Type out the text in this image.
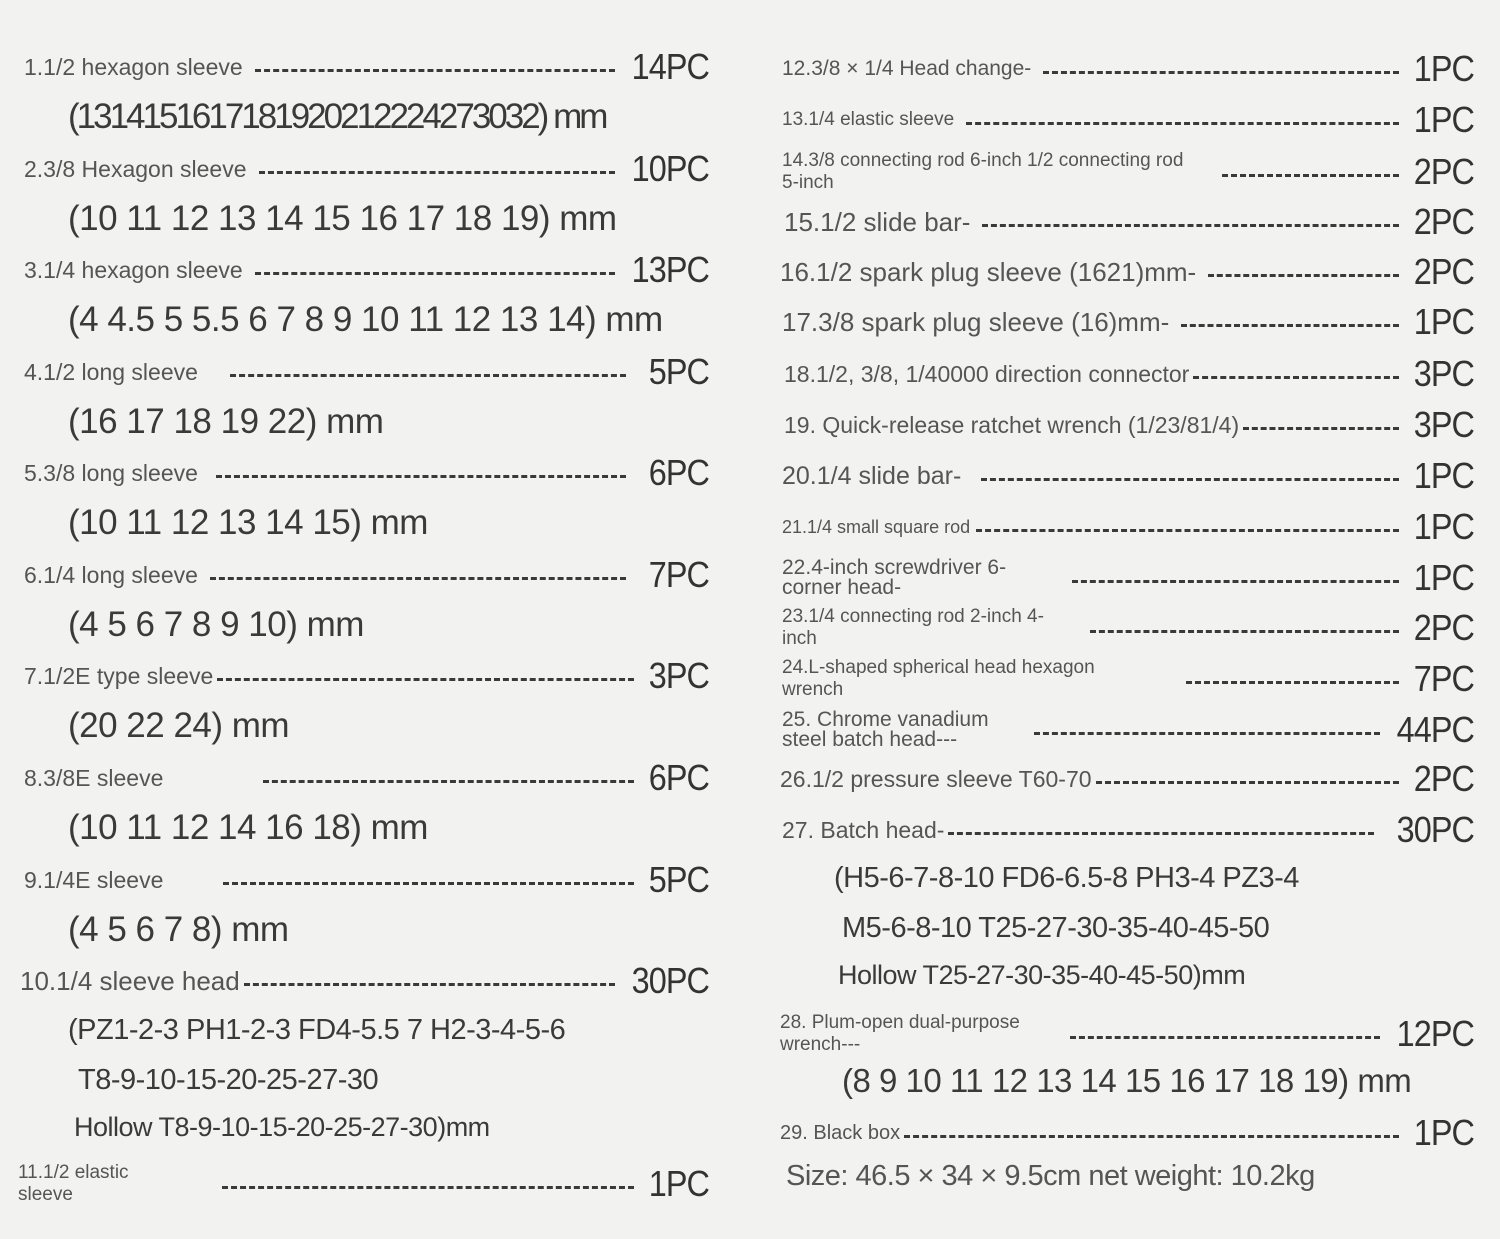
1.1/2 hexagon sleeve	14PC
(1314151617181920212224273032) mm
2.3/8 Hexagon sleeve	10PC
(10 11 12 13 14 15 16 17 18 19) mm
3.1/4 hexagon sleeve	13PC
(4 4.5 5 5.5 6 7 8 9 10 11 12 13 14) mm
4.1/2 long sleeve	5PC
(16 17 18 19 22) mm
5.3/8 long sleeve	6PC
(10 11 12 13 14 15) mm
6.1/4 long sleeve	7PC
(4 5 6 7 8 9 10) mm
7.1/2E type sleeve	3PC
(20 22 24) mm
8.3/8E sleeve	6PC
(10 11 12 14 16 18) mm
9.1/4E sleeve	5PC
(4 5 6 7 8) mm
10.1/4 sleeve head	30PC
(PZ1-2-3 PH1-2-3 FD4-5.5 7 H2-3-4-5-6
T8-9-10-15-20-25-27-30
Hollow T8-9-10-15-20-25-27-30)mm
11.1/2 elastic sleeve	1PC
12.3/8 × 1/4 Head change-	1PC
13.1/4 elastic sleeve	1PC
14.3/8 connecting rod 6-inch 1/2 connecting rod 5-inch	2PC
15.1/2 slide bar-	2PC
16.1/2 spark plug sleeve (1621)mm-	2PC
17.3/8 spark plug sleeve (16)mm-	1PC
18.1/2, 3/8, 1/40000 direction connector	3PC
19. Quick-release ratchet wrench (1/23/81/4)	3PC
20.1/4 slide bar-	1PC
21.1/4 small square rod	1PC
22.4-inch screwdriver 6-corner head-	1PC
23.1/4 connecting rod 2-inch 4-inch	2PC
24.L-shaped spherical head hexagon wrench	7PC
25. Chrome vanadium steel batch head---	44PC
26.1/2 pressure sleeve T60-70	2PC
27. Batch head-	30PC
(H5-6-7-8-10 FD6-6.5-8 PH3-4 PZ3-4
M5-6-8-10 T25-27-30-35-40-45-50
Hollow T25-27-30-35-40-45-50)mm
28. Plum-open dual-purpose wrench---	12PC
(8 9 10 11 12 13 14 15 16 17 18 19) mm
29. Black box	1PC
Size: 46.5 × 34 × 9.5cm net weight: 10.2kg
